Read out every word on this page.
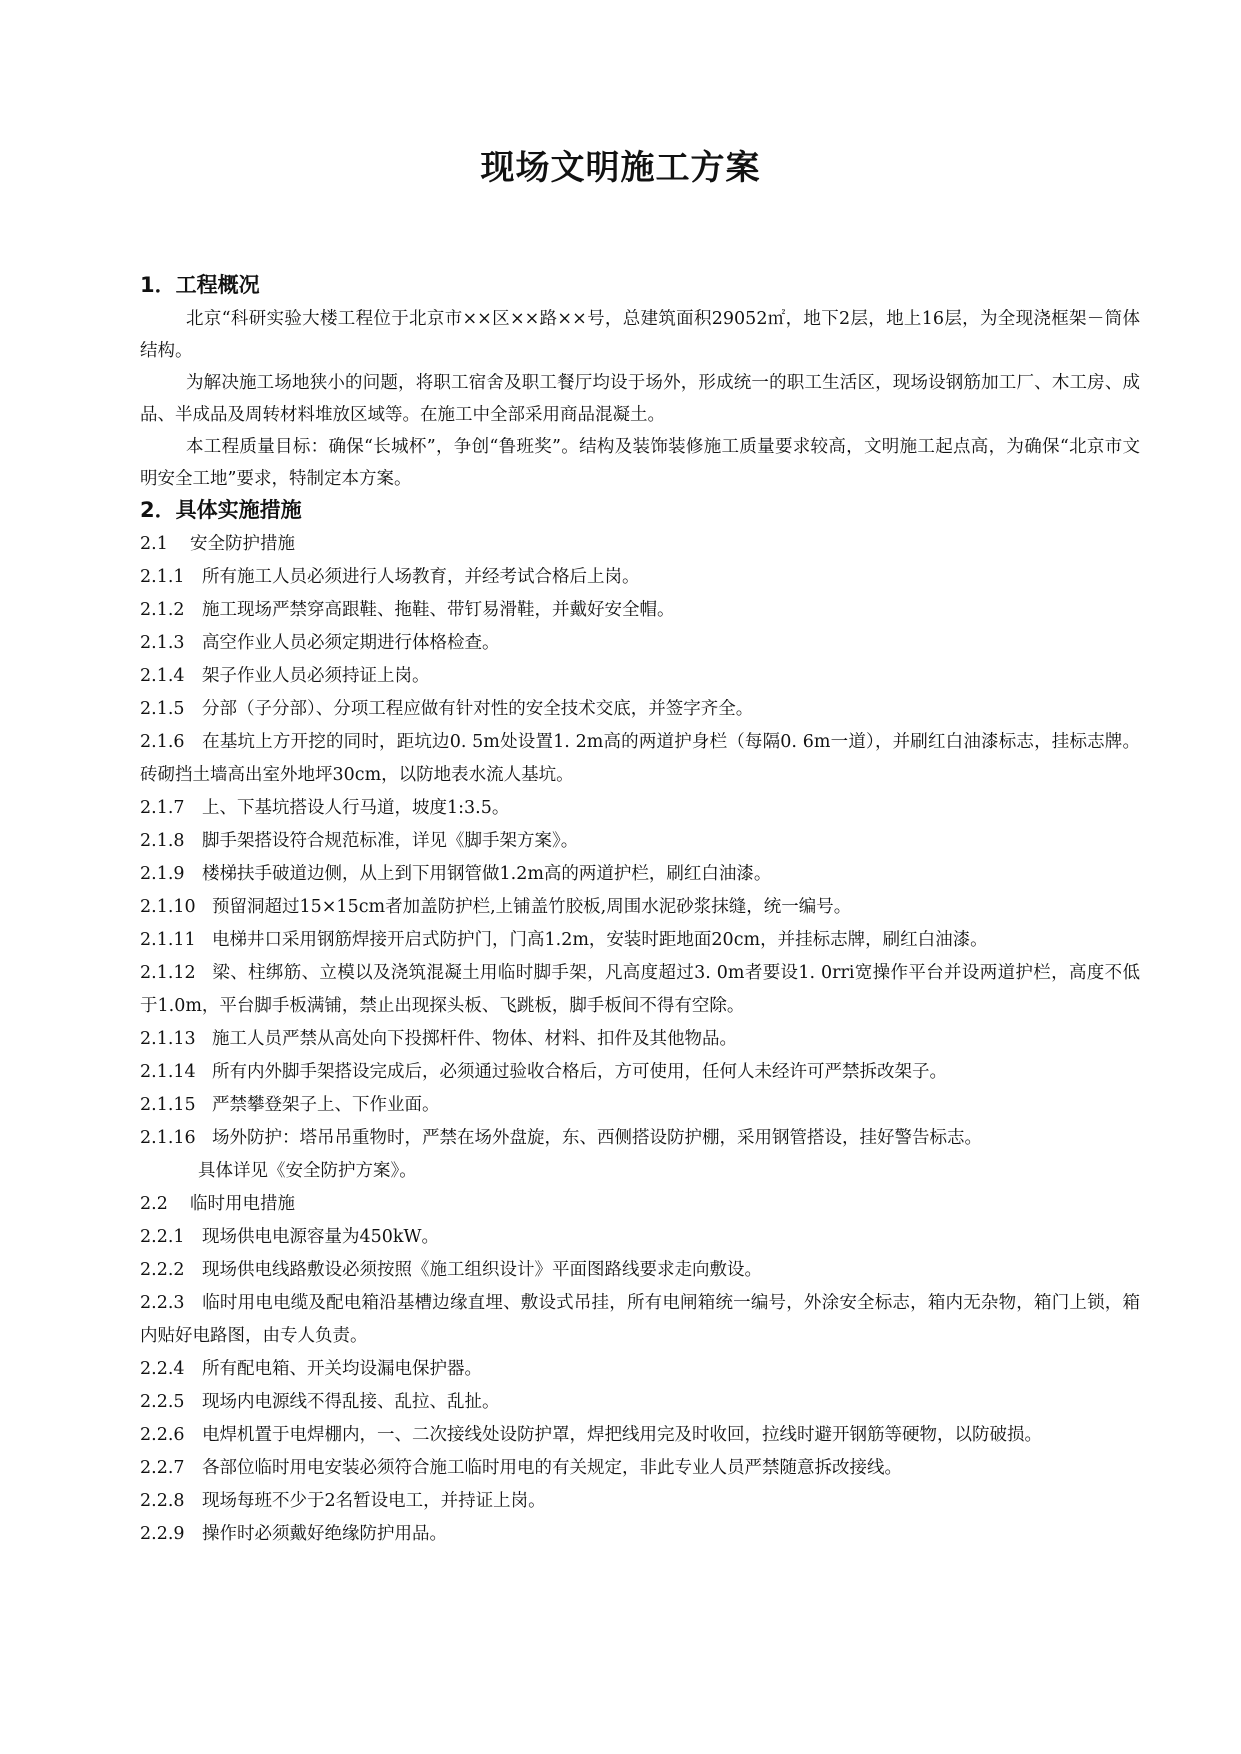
现场文明施工方案
1．工程概况

北京“科研实验大楼工程位于北京市××区××路××号，总建筑面积29052㎡，地下2层，地上16层，为全现浇框架－筒体结构。

为解决施工场地狭小的问题，将职工宿舍及职工餐厅均设于场外，形成统一的职工生活区，现场设钢筋加工厂、木工房、成品、半成品及周转材料堆放区域等。在施工中全部采用商品混凝土。

本工程质量目标：确保“长城杯”，争创“鲁班奖”。结构及装饰装修施工质量要求较高，文明施工起点高，为确保“北京市文明安全工地”要求，特制定本方案。

2．具体实施措施
2.1	安全防护措施
2.1.1 所有施工人员必须进行人场教育，并经考试合格后上岗。
2.1.2 施工现场严禁穿高跟鞋、拖鞋、带钉易滑鞋，并戴好安全帽。
2.1.3 高空作业人员必须定期进行体格检查。
2.1.4 架子作业人员必须持证上岗。
2.1.5 分部（子分部）、分项工程应做有针对性的安全技术交底，并签字齐全。
2.1.6 在基坑上方开挖的同时，距坑边0. 5m处设置1. 2m高的两道护身栏（每隔0. 6m一道），并刷红白油漆标志，挂标志牌。砖砌挡土墙高出室外地坪30cm，以防地表水流人基坑。
2.1.7 上、下基坑搭设人行马道，坡度1:3.5。
2.1.8 脚手架搭设符合规范标准，详见《脚手架方案》。
2.1.9 楼梯扶手破道边侧，从上到下用钢管做1.2m高的两道护栏，刷红白油漆。
2.1.10 预留洞超过15×15cm者加盖防护栏,上铺盖竹胶板,周围水泥砂浆抹缝，统一编号。
2.1.11 电梯井口采用钢筋焊接开启式防护门，门高1.2m，安装时距地面20cm，并挂标志牌，刷红白油漆。
2.1.12 梁、柱绑筋、立模以及浇筑混凝土用临时脚手架，凡高度超过3. 0m者要设1. 0rri宽操作平台并设两道护栏，高度不低于1.0m，平台脚手板满铺，禁止出现探头板、飞跳板，脚手板间不得有空除。
2.1.13 施工人员严禁从高处向下投掷杆件、物体、材料、扣件及其他物品。
2.1.14 所有内外脚手架搭设完成后，必须通过验收合格后，方可使用，任何人未经许可严禁拆改架子。
2.1.15 严禁攀登架子上、下作业面。
2.1.16 场外防护：塔吊吊重物时，严禁在场外盘旋，东、西侧搭设防护棚，采用钢管搭设，挂好警告标志。

具体详见《安全防护方案》。

2.2	临时用电措施
2.2.1 现场供电电源容量为450kW。
2.2.2 现场供电线路敷设必须按照《施工组织设计》平面图路线要求走向敷设。
2.2.3 临时用电电缆及配电箱沿基槽边缘直埋、敷设式吊挂，所有电闸箱统一编号，外涂安全标志，箱内无杂物，箱门上锁，箱内贴好电路图，由专人负责。
2.2.4 所有配电箱、开关均设漏电保护器。
2.2.5 现场内电源线不得乱接、乱拉、乱扯。
2.2.6 电焊机置于电焊棚内，一、二次接线处设防护罩，焊把线用完及时收回，拉线时避开钢筋等硬物，以防破损。
2.2.7 各部位临时用电安装必须符合施工临时用电的有关规定，非此专业人员严禁随意拆改接线。
2.2.8 现场每班不少于2名暂设电工，并持证上岗。
2.2.9 操作时必须戴好绝缘防护用品。
